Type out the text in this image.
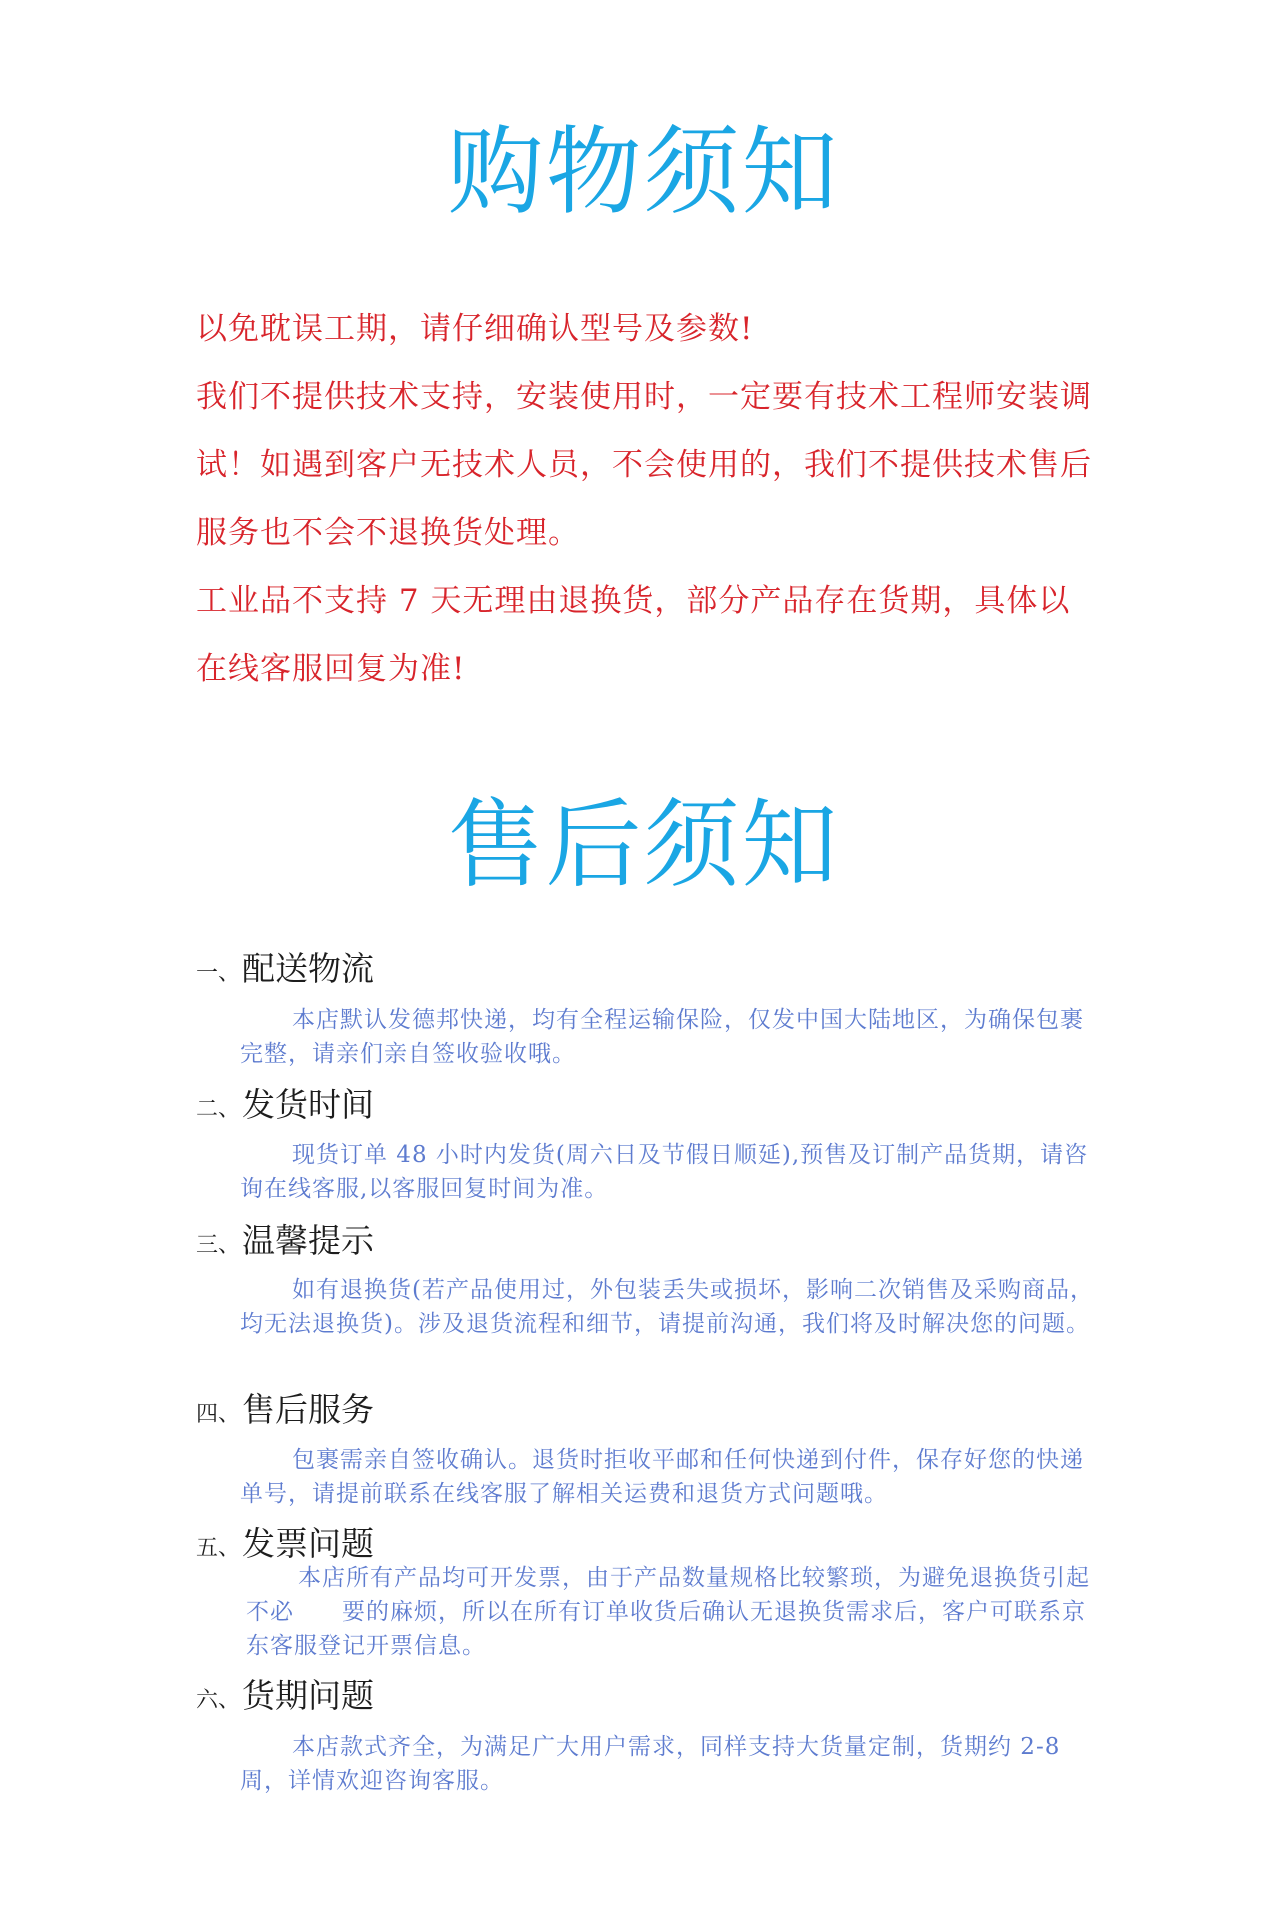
购物须知
以免耽误工期，请仔细确认型号及参数!
我们不提供技术支持，安装使用时，一定要有技术工程师安装调试！如遇到客户无技术人员，不会使用的，我们不提供技术售后服务也不会不退换货处理。
工业品不支持 7 天无理由退换货，部分产品存在货期，具体以在线客服回复为准!
售后须知
一、配送物流
本店默认发德邦快递，均有全程运输保险，仅发中国大陆地区，为确保包裹完整，请亲们亲自签收验收哦。
二、发货时间
现货订单 48 小时内发货(周六日及节假日顺延),预售及订制产品货期，请咨询在线客服,以客服回复时间为准。
三、温馨提示
如有退换货(若产品使用过，外包装丢失或损坏，影响二次销售及采购商品，均无法退换货)。涉及退货流程和细节，请提前沟通，我们将及时解决您的问题。
四、售后服务
包裹需亲自签收确认。退货时拒收平邮和任何快递到付件，保存好您的快递单号，请提前联系在线客服了解相关运费和退货方式问题哦。
五、发票问题
本店所有产品均可开发票，由于产品数量规格比较繁琐，为避免退换货引起不必　　要的麻烦，所以在所有订单收货后确认无退换货需求后，客户可联系京东客服登记开票信息。
六、货期问题
本店款式齐全，为满足广大用户需求，同样支持大货量定制，货期约 2-8 周，详情欢迎咨询客服。
